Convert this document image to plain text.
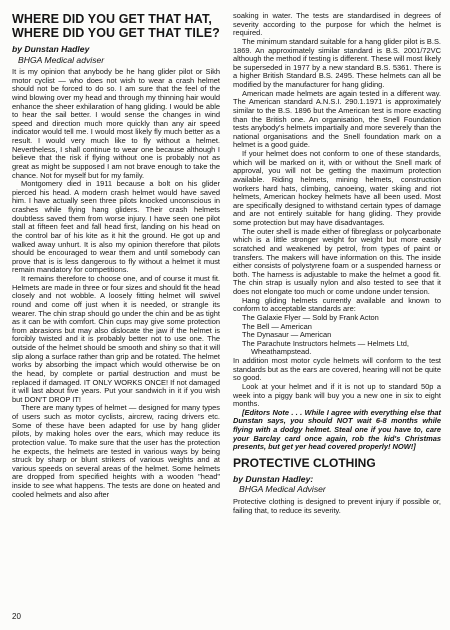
WHERE DID YOU GET THAT HAT, WHERE DID YOU GET THAT TILE?
by Dunstan Hadley
BHGA Medical adviser

It is my opinion that anybody be he hang glider pilot or Sikh motor cyclist — who does not wish to wear a crash helmet should not be forced to do so. I am sure that the feel of the wind blowing over my head and through my thinning hair would enhance the sheer exhilaration of hang gliding. I would be able to hear the sail better. I would sense the changes in wind speed and direction much more quickly than any air speed indicator would tell me. I would most likely fly much better as a result. I would very much like to fly without a helmet. Nevertheless, I shall continue to wear one because although I believe that the risk if flying without one is probably not as great as might be supposed I am not brave enough to take the chance. Not for myself but for my family.

Montgomery died in 1911 because a bolt on his glider pierced his head. A modern crash helmet would have saved him. I have actually seen three pilots knocked unconscious in crashes while flying hang gliders. Their crash helmets doubtless saved them from worse injury. I have seen one pilot stall at fifteen feet and fall head first, landing on his head on the control bar of his kite as it hit the ground. He got up and walked away unhurt. It is also my opinion therefore that pilots should be encouraged to wear them and until somebody can prove that is is less dangerous to fly without a helmet it must remain mandatory for competitions.

It remains therefore to choose one, and of course it must fit. Helmets are made in three or four sizes and should fit the head closely and not wobble. A loosely fitting helmet will swivel round and come off just when it is needed, or strangle its wearer. The chin strap should go under the chin and be as tight as it can be with comfort. Chin cups may give some protection from abrasions but may also dislocate the jaw if the helmet is forcibly twisted and it is probably better not to use one. The outside of the helmet should be smooth and shiny so that it will slip along a surface rather than grip and be rotated. The helmet works by absorbing the impact which would otherwise be on the head, by complete or partial destruction and must be replaced if damaged. IT ONLY WORKS ONCE! If not damaged it will last about five years. Put your sandwich in it if you wish but DON'T DROP IT!

There are many types of helmet — designed for many types of users such as motor cyclists, aircrew, racing drivers etc. Some of these have been adapted for use by hang glider pilots, by making holes over the ears, which may reduce its protection value. To make sure that the user has the protection he expects, the helmets are tested in various ways by being struck by sharp or blunt strikers of various weights and at various speeds on several areas of the helmet. Some helmets are dropped from specified heights with a wooden "head" inside to see what happens. The tests are done on heated and cooled helmets and also after

soaking in water. The tests are standardised in degrees of severity according to the purpose for which the helmet is required.

The minimum standard suitable for a hang glider pilot is B.S. 1869. An approximately similar standard is B.S. 2001/72VC although the method if testing is different. These will most likely be superseded in 1977 by a new standard B.S. 5361. There is a higher British Standard B.S. 2495. These helmets can all be modified by the manufacturer for hang gliding.

American made helmets are again tested in a different way. The American standard A.N.S.I. 290.1.1971 is approximately similar to the B.S. 1896 but the American test is more exacting than the British one. An organisation, the Snell Foundation tests anybody's helmets impartially and more severely than the national organisations and the Snell foundation mark on a helmet is a good guide.

If your helmet does not conform to one of these standards, which will be marked on it, with or without the Snell mark of approval, you will not be getting the maximum protection available. Riding helmets, mining helmets, construction workers hard hats, climbing, canoeing, water skiing and riot helmets, American hockey helmets have all been used. Most are specifically designed to withstand certain types of damage and are not entirely suitable for hang gliding. They provide some protection but may have disadvantages.

The outer shell is made either of fibreglass or polycarbonate which is a little stronger weight for weight but more easily scratched and weakened by petrol, from types of paint or transfers. The makers will have information on this. The inside either consists of polystyrene foam or a suspended harness or both. The harness is adjustable to make the helmet a good fit. The chin strap is usually nylon and also tested to see that it does not elongate too much or come undone under tension.

Hang gliding helmets currently available and known to conform to acceptable standards are:

The Galaxie Flyer — Sold by Frank Acton
The Bell — American
The Dynasaur — American
The Parachute Instructors helmets — Helmets Ltd, Wheathampstead.

In addition most motor cycle helmets will conform to the test standards but as the ears are covered, hearing will not be quite so good.

Look at your helmet and if it is not up to standard 50p a week into a piggy bank will buy you a new one in six to eight months.

[Editors Note . . . While I agree with everything else that Dunstan says, you should NOT wait 6-8 months while flying with a dodgy helmet. Steal one if you have to, care your Barclay card once again, rob the kid's Christmas presents, but get yer head covered properly! NOW!]

PROTECTIVE CLOTHING
by Dunstan Hadley:
BHGA Medical Adviser

Protective clothing is designed to prevent injury if possible or, failing that, to reduce its severity.

20
